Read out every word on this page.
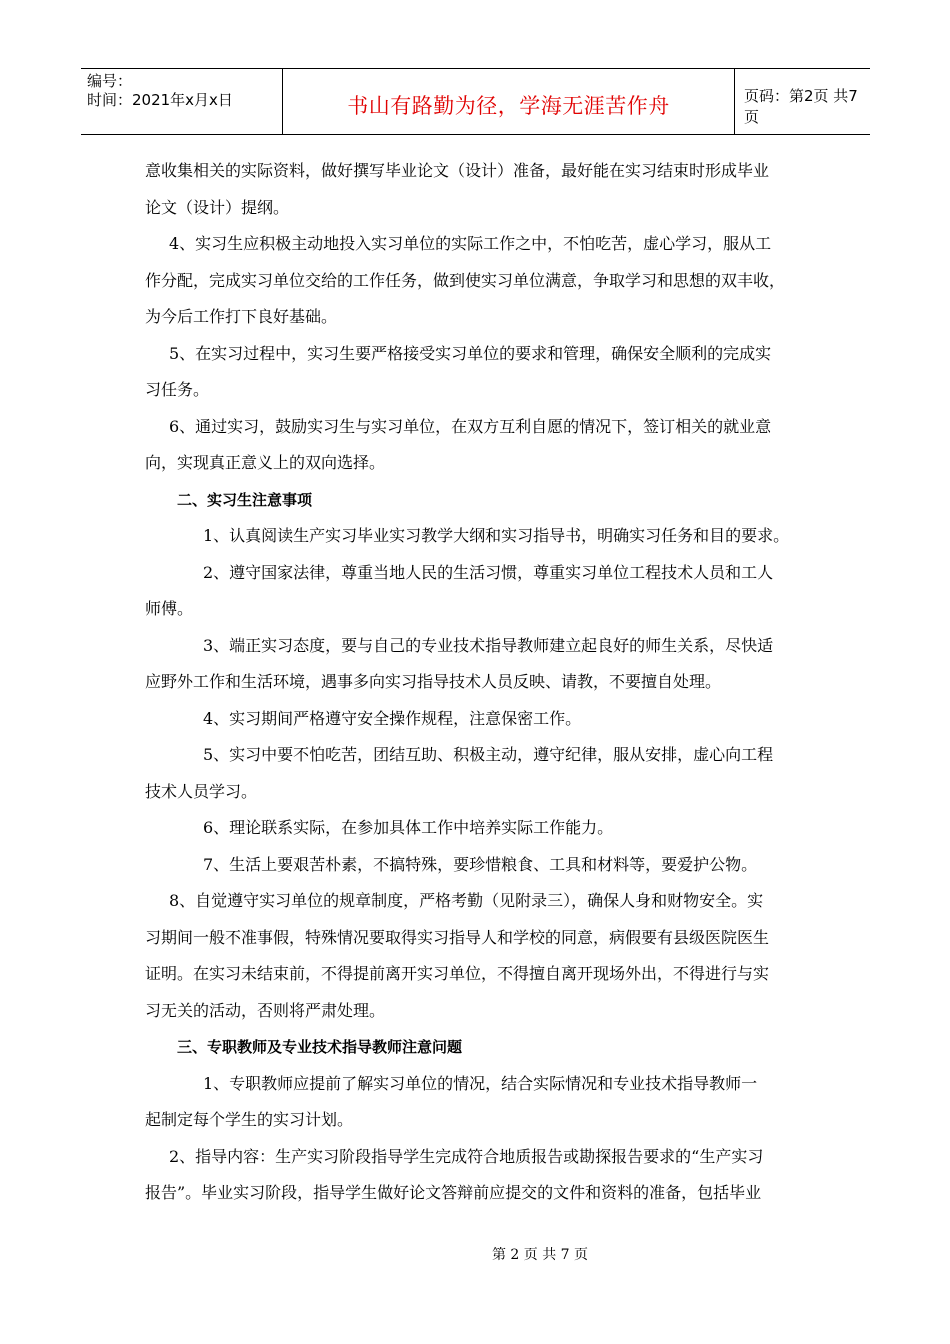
编号：
时间：2021年x月x日	书山有路勤为径，学海无涯苦作舟	页码：第2页 共7页
意收集相关的实际资料，做好撰写毕业论文（设计）准备，最好能在实习结束时形成毕业
论文（设计）提纲。
4、实习生应积极主动地投入实习单位的实际工作之中，不怕吃苦，虚心学习，服从工
作分配，完成实习单位交给的工作任务，做到使实习单位满意，争取学习和思想的双丰收，
为今后工作打下良好基础。
5、在实习过程中，实习生要严格接受实习单位的要求和管理，确保安全顺利的完成实
习任务。
6、通过实习，鼓励实习生与实习单位，在双方互利自愿的情况下，签订相关的就业意
向，实现真正意义上的双向选择。
二、实习生注意事项
1、认真阅读生产实习毕业实习教学大纲和实习指导书，明确实习任务和目的要求。
2、遵守国家法律，尊重当地人民的生活习惯，尊重实习单位工程技术人员和工人
师傅。
3、端正实习态度，要与自己的专业技术指导教师建立起良好的师生关系，尽快适
应野外工作和生活环境，遇事多向实习指导技术人员反映、请教，不要擅自处理。
4、实习期间严格遵守安全操作规程，注意保密工作。
5、实习中要不怕吃苦，团结互助、积极主动，遵守纪律，服从安排，虚心向工程
技术人员学习。
6、理论联系实际，在参加具体工作中培养实际工作能力。
7、生活上要艰苦朴素，不搞特殊，要珍惜粮食、工具和材料等，要爱护公物。
8、自觉遵守实习单位的规章制度，严格考勤（见附录三），确保人身和财物安全。实
习期间一般不准事假，特殊情况要取得实习指导人和学校的同意，病假要有县级医院医生
证明。在实习未结束前，不得提前离开实习单位，不得擅自离开现场外出，不得进行与实
习无关的活动，否则将严肃处理。
三、专职教师及专业技术指导教师注意问题
1、专职教师应提前了解实习单位的情况，结合实际情况和专业技术指导教师一
起制定每个学生的实习计划。
2、指导内容：生产实习阶段指导学生完成符合地质报告或勘探报告要求的“生产实习
报告”。毕业实习阶段，指导学生做好论文答辩前应提交的文件和资料的准备，包括毕业
第 2 页 共 7 页
